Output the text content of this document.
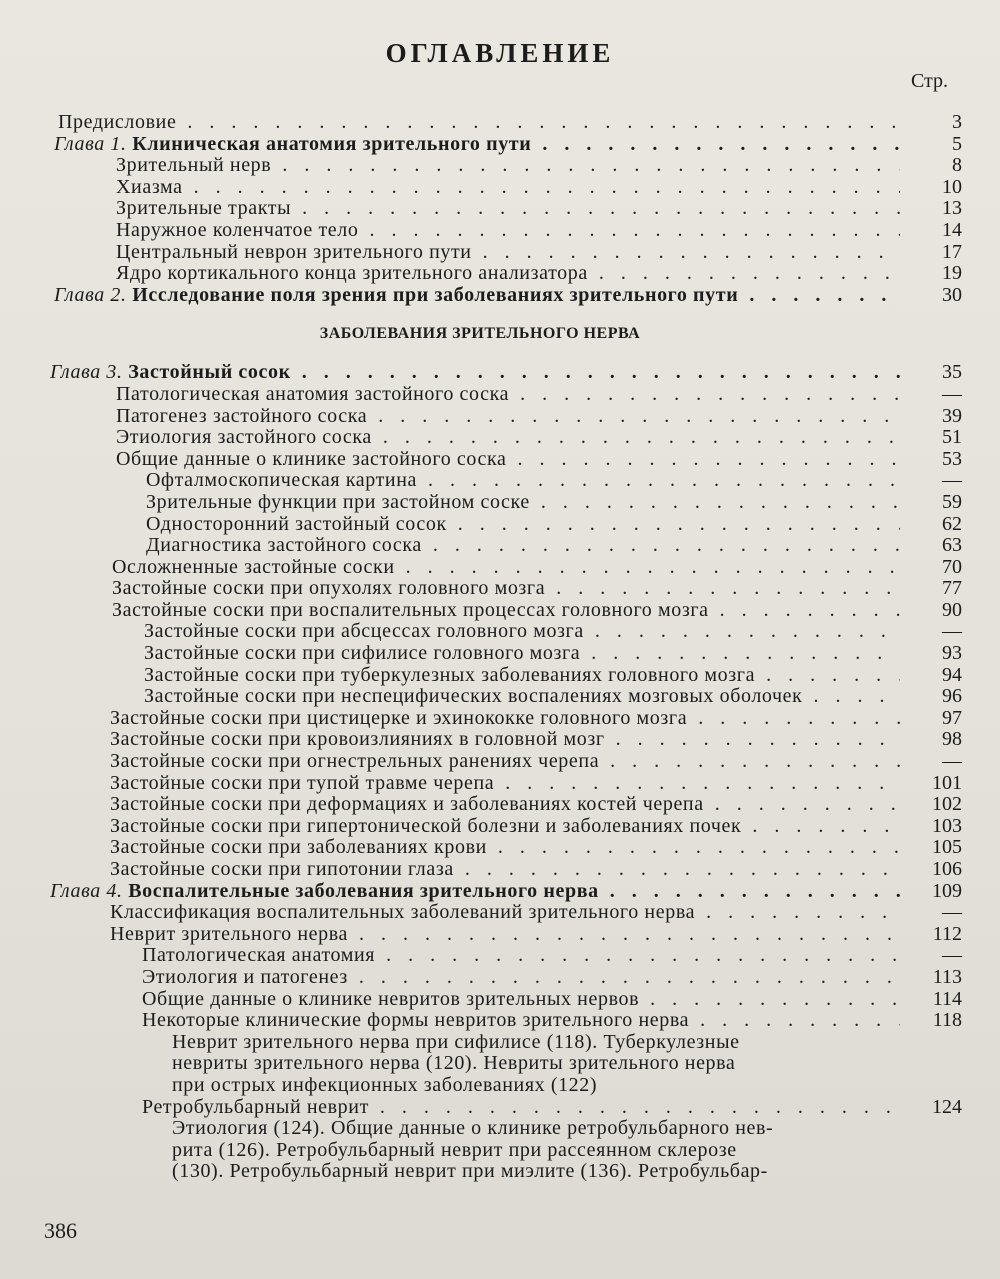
ОГЛАВЛЕНИЕ
Стр.
Предисловие . . .	3
Глава 1. Клиническая анатомия зрительного пути . . .	5
Зрительный нерв . . .	8
Хиазма . . .	10
Зрительные тракты . . .	13
Наружное коленчатое тело . . .	14
Центральный неврон зрительного пути . . .	17
Ядро кортикального конца зрительного анализатора . . .	19
Глава 2. Исследование поля зрения при заболеваниях зрительного пути . . .	30
ЗАБОЛЕВАНИЯ ЗРИТЕЛЬНОГО НЕРВА
Глава 3. Застойный сосок . . .	35
Патологическая анатомия застойного соска . . .	—
Патогенез застойного соска . . .	39
Этиология застойного соска . . .	51
Общие данные о клинике застойного соска . . .	53
Офталмоскопическая картина . . .	—
Зрительные функции при застойном соске . . .	59
Односторонний застойный сосок . . .	62
Диагностика застойного соска . . .	63
Осложненные застойные соски . . .	70
Застойные соски при опухолях головного мозга . . .	77
Застойные соски при воспалительных процессах головного мозга . . .	90
Застойные соски при абсцессах головного мозга . . .	—
Застойные соски при сифилисе головного мозга . . .	93
Застойные соски при туберкулезных заболеваниях головного мозга . . .	94
Застойные соски при неспецифических воспалениях мозговых оболочек . . .	96
Застойные соски при цистицерке и эхинококке головного мозга . . .	97
Застойные соски при кровоизлияниях в головной мозг . . .	98
Застойные соски при огнестрельных ранениях черепа . . .	—
Застойные соски при тупой травме черепа . . .	101
Застойные соски при деформациях и заболеваниях костей черепа . . .	102
Застойные соски при гипертонической болезни и заболеваниях почек . . .	103
Застойные соски при заболеваниях крови . . .	105
Застойные соски при гипотонии глаза . . .	106
Глава 4. Воспалительные заболевания зрительного нерва . . .	109
Классификация воспалительных заболеваний зрительного нерва . . .	—
Неврит зрительного нерва . . .	112
Патологическая анатомия . . .	—
Этиология и патогенез . . .	113
Общие данные о клинике невритов зрительных нервов . . .	114
Некоторые клинические формы невритов зрительного нерва . . .	118
Неврит зрительного нерва при сифилисе (118). Туберкулезные
невриты зрительного нерва (120). Невриты зрительного нерва
при острых инфекционных заболеваниях (122)
Ретробульбарный неврит . . .	124
Этиология (124). Общие данные о клинике ретробульбарного нев-
рита (126). Ретробульбарный неврит при рассеянном склерозе
(130). Ретробульбарный неврит при миэлите (136). Ретробульбар-
386
